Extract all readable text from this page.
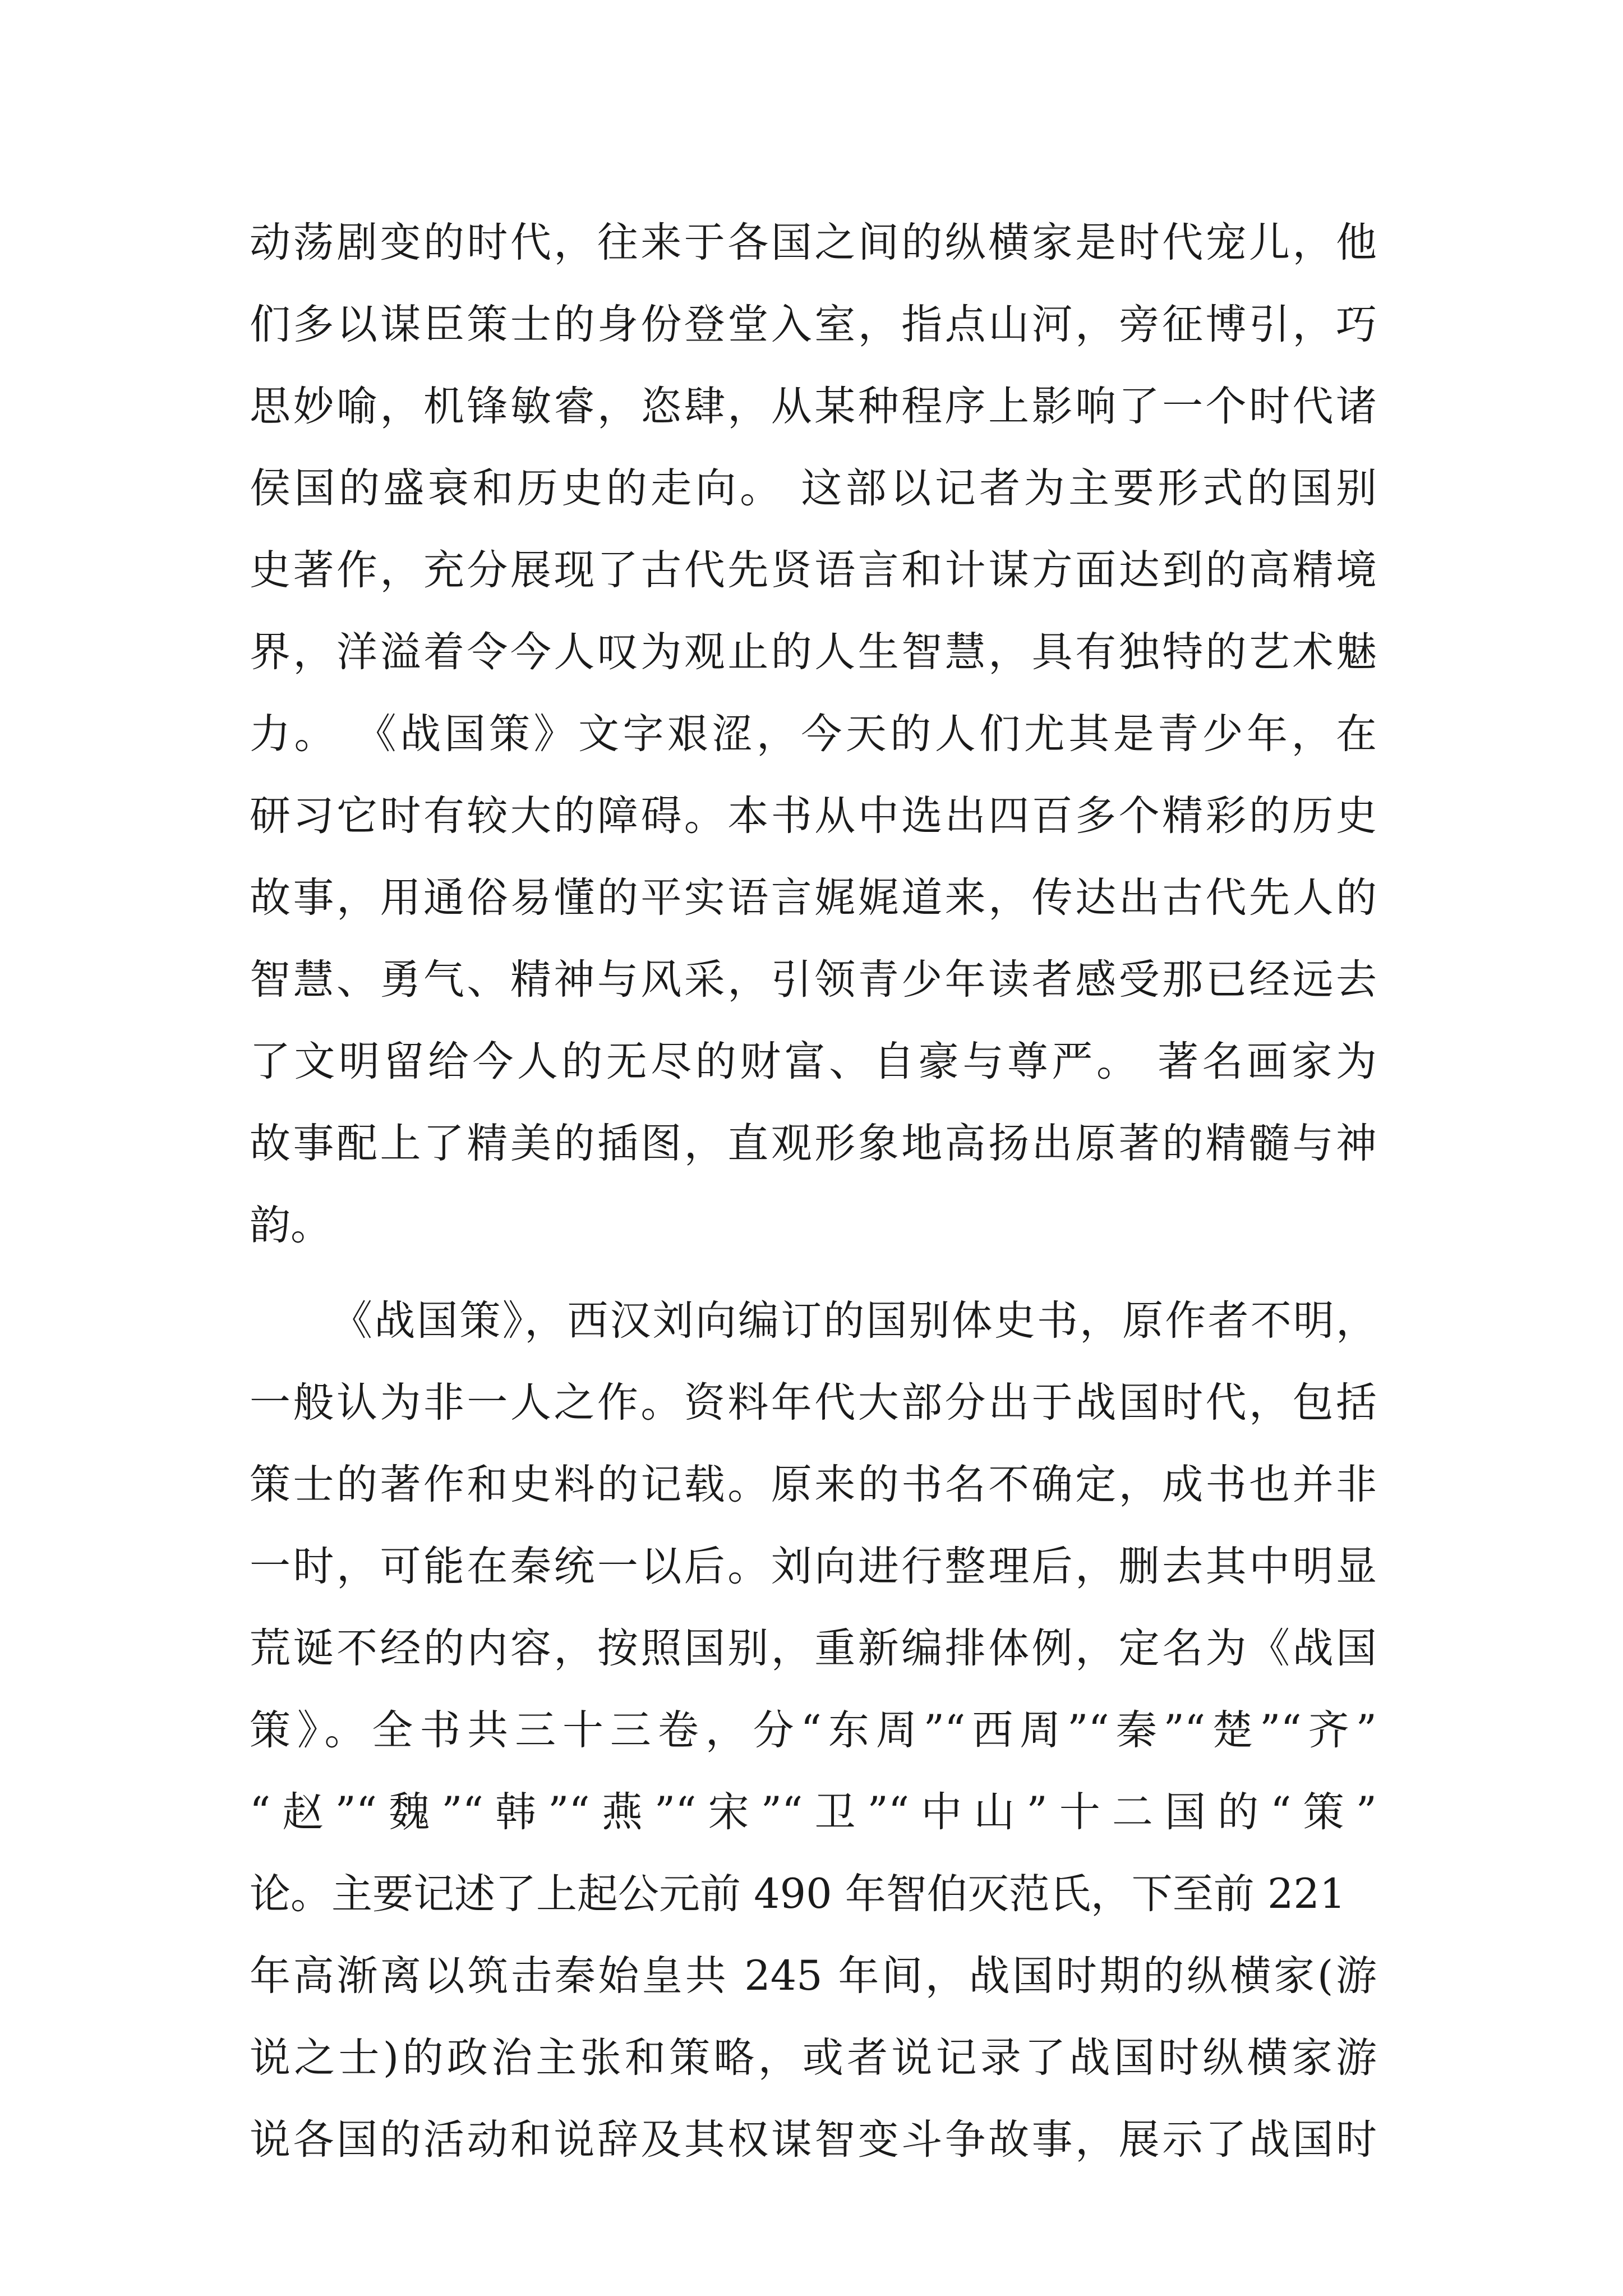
动荡剧变的时代，往来于各国之间的纵横家是时代宠儿，他
们多以谋臣策士的身份登堂入室，指点山河，旁征博引，巧
思妙喻，机锋敏睿，恣肆，从某种程序上影响了一个时代诸
侯国的盛衰和历史的走向。 这部以记者为主要形式的国别
史著作，充分展现了古代先贤语言和计谋方面达到的高精境
界，洋溢着令今人叹为观止的人生智慧，具有独特的艺术魅
力。 《战国策》文字艰涩，今天的人们尤其是青少年，在
研习它时有较大的障碍。本书从中选出四百多个精彩的历史
故事，用通俗易懂的平实语言娓娓道来，传达出古代先人的
智慧、勇气、精神与风采，引领青少年读者感受那已经远去
了文明留给今人的无尽的财富、自豪与尊严。 著名画家为
故事配上了精美的插图，直观形象地高扬出原著的精髓与神
韵。
《战国策》，西汉刘向编订的国别体史书，原作者不明，
一般认为非一人之作。资料年代大部分出于战国时代，包括
策士的著作和史料的记载。原来的书名不确定，成书也并非
一时，可能在秦统一以后。刘向进行整理后，删去其中明显
荒诞不经的内容，按照国别，重新编排体例，定名为《战国
策》。全书共三十三卷，分“东周”“西周”“秦”“楚”“齐”
“赵”“魏”“韩”“燕”“宋”“卫”“中山”十二国的“策”
论。主要记述了上起公元前 490 年智伯灭范氏，下至前 221
年高渐离以筑击秦始皇共 245 年间，战国时期的纵横家(游
说之士)的政治主张和策略，或者说记录了战国时纵横家游
说各国的活动和说辞及其权谋智变斗争故事，展示了战国时
